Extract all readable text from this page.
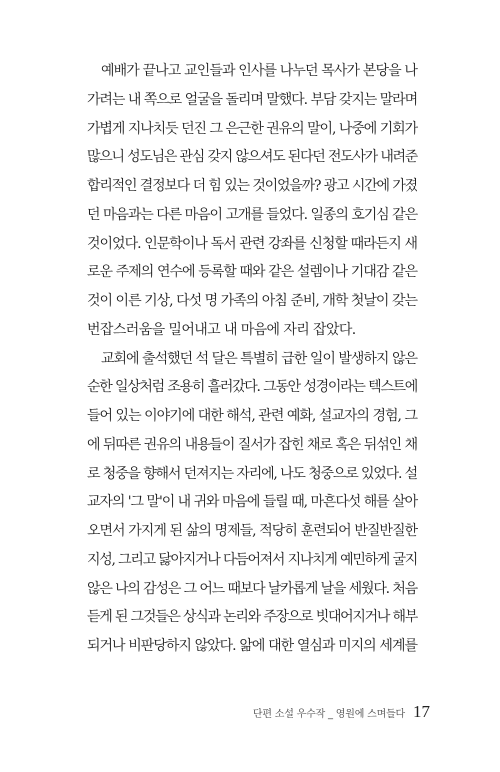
예배가 끝나고 교인들과 인사를 나누던 목사가 본당을 나
가려는 내 쪽으로 얼굴을 돌리며 말했다. 부담 갖지는 말라며
가볍게 지나치듯 던진 그 은근한 권유의 말이, 나중에 기회가
많으니 성도님은 관심 갖지 않으셔도 된다던 전도사가 내려준
합리적인 결정보다 더 힘 있는 것이었을까? 광고 시간에 가졌
던 마음과는 다른 마음이 고개를 들었다. 일종의 호기심 같은
것이었다. 인문학이나 독서 관련 강좌를 신청할 때라든지 새
로운 주제의 연수에 등록할 때와 같은 설렘이나 기대감 같은
것이 이른 기상, 다섯 명 가족의 아침 준비, 개학 첫날이 갖는
번잡스러움을 밀어내고 내 마음에 자리 잡았다.
교회에 출석했던 석 달은 특별히 급한 일이 발생하지 않은
순한 일상처럼 조용히 흘러갔다. 그동안 성경이라는 텍스트에
들어 있는 이야기에 대한 해석, 관련 예화, 설교자의 경험, 그
에 뒤따른 권유의 내용들이 질서가 잡힌 채로 혹은 뒤섞인 채
로 청중을 향해서 던져지는 자리에, 나도 청중으로 있었다. 설
교자의 '그 말'이 내 귀와 마음에 들릴 때, 마흔다섯 해를 살아
오면서 가지게 된 삶의 명제들, 적당히 훈련되어 반질반질한
지성, 그리고 닳아지거나 다듬어져서 지나치게 예민하게 굴지
않은 나의 감성은 그 어느 때보다 날카롭게 날을 세웠다. 처음
듣게 된 그것들은 상식과 논리와 주장으로 빗대어지거나 해부
되거나 비판당하지 않았다. 앎에 대한 열심과 미지의 세계를
단편 소설 우수작 _ 영원에 스며들다 17
